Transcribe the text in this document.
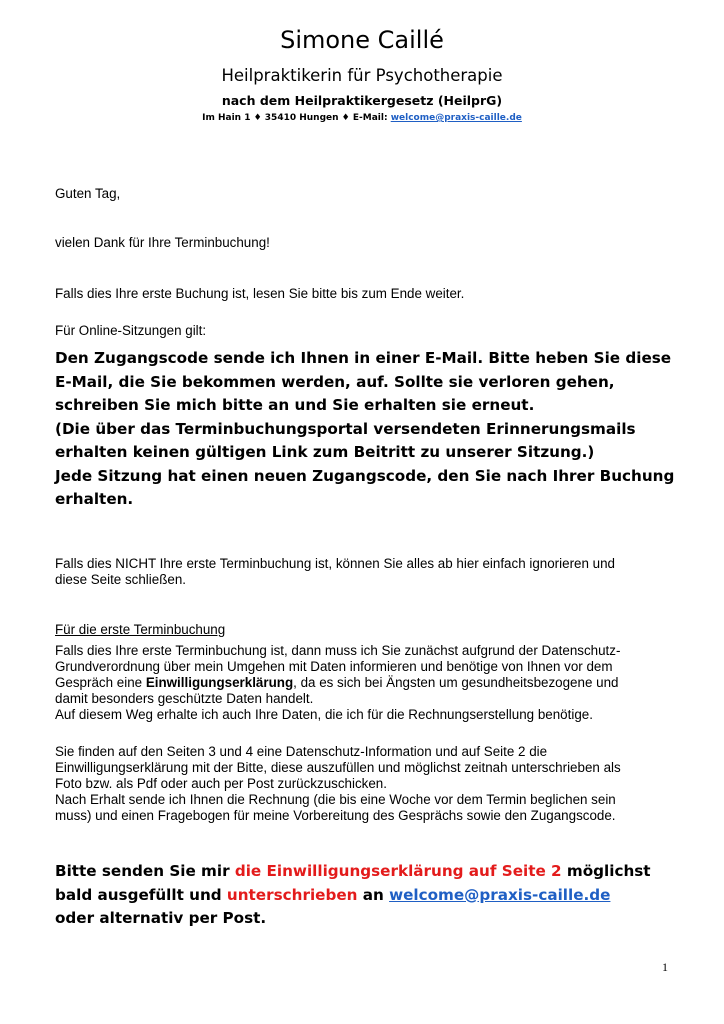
Simone Caillé
Heilpraktikerin für Psychotherapie
nach dem Heilpraktikergesetz (HeilprG)
Im Hain 1 ♦ 35410 Hungen ♦ E-Mail: welcome@praxis-caille.de
Guten Tag,
vielen Dank für Ihre Terminbuchung!
Falls dies Ihre erste Buchung ist, lesen Sie bitte bis zum Ende weiter.
Für Online-Sitzungen gilt:
Den Zugangscode sende ich Ihnen in einer E-Mail. Bitte heben Sie diese
E-Mail, die Sie bekommen werden, auf. Sollte sie verloren gehen,
schreiben Sie mich bitte an und Sie erhalten sie erneut.
(Die über das Terminbuchungsportal versendeten Erinnerungsmails
erhalten keinen gültigen Link zum Beitritt zu unserer Sitzung.)
Jede Sitzung hat einen neuen Zugangscode, den Sie nach Ihrer Buchung
erhalten.
Falls dies NICHT Ihre erste Terminbuchung ist, können Sie alles ab hier einfach ignorieren und
diese Seite schließen.
Für die erste Terminbuchung
Falls dies Ihre erste Terminbuchung ist, dann muss ich Sie zunächst aufgrund der Datenschutz-
Grundverordnung über mein Umgehen mit Daten informieren und benötige von Ihnen vor dem
Gespräch eine Einwilligungserklärung, da es sich bei Ängsten um gesundheitsbezogene und
damit besonders geschützte Daten handelt.
Auf diesem Weg erhalte ich auch Ihre Daten, die ich für die Rechnungserstellung benötige.
Sie finden auf den Seiten 3 und 4 eine Datenschutz-Information und auf Seite 2 die
Einwilligungserklärung mit der Bitte, diese auszufüllen und möglichst zeitnah unterschrieben als
Foto bzw. als Pdf oder auch per Post zurückzuschicken.
Nach Erhalt sende ich Ihnen die Rechnung (die bis eine Woche vor dem Termin beglichen sein
muss) und einen Fragebogen für meine Vorbereitung des Gesprächs sowie den Zugangscode.
Bitte senden Sie mir die Einwilligungserklärung auf Seite 2 möglichst
bald ausgefüllt und unterschrieben an welcome@praxis-caille.de
oder alternativ per Post.
1
